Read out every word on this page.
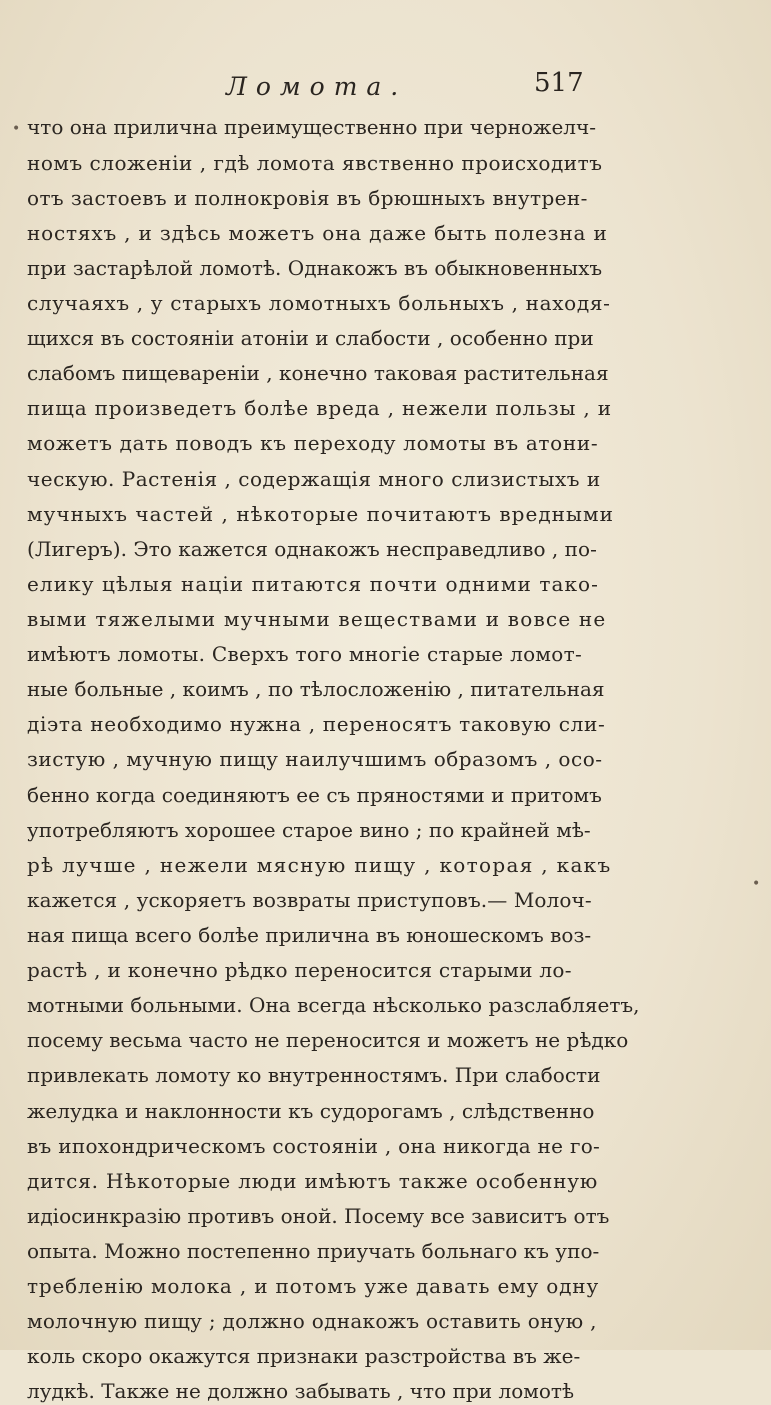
Ломота.	517
что она прилична преимущественно при черножелч-
номъ сложенiи , гдѣ ломота явственно происходитъ
отъ застоевъ и полнокровiя въ брюшныхъ внутрен-
ностяхъ , и здѣсь можетъ она даже быть полезна и
при застарѣлой ломотѣ. Однакожъ въ обыкновенныхъ
случаяхъ , у старыхъ ломотныхъ больныхъ , находя-
щихся въ состоянiи атонiи и слабости , особенно при
слабомъ пищеваренiи , конечно таковая растительная
пища произведетъ болѣе вреда , нежели пользы , и
можетъ дать поводъ къ переходу ломоты въ атони-
ческую. Растенiя , содержащiя много слизистыхъ и
мучныхъ частей , нѣкоторые почитаютъ вредными
(Лигеръ). Это кажется однакожъ несправедливо , по-
елику цѣлыя нацiи питаются почти одними тако-
выми тяжелыми мучными веществами и вовсе не
имѣютъ ломоты. Сверхъ того многiе старые ломот-
ные больные , коимъ , по тѣлосложенiю , питательная
дiэта необходимо нужна , переносятъ таковую сли-
зистую , мучную пищу наилучшимъ образомъ , осо-
бенно когда соединяютъ ее съ пряностями и притомъ
употребляютъ хорошее старое вино ; по крайней мѣ-
рѣ лучше , нежели мясную пищу , которая , какъ
кажется , ускоряетъ возвраты приступовъ.— Молоч-
ная пища всего болѣе прилична въ юношескомъ воз-
растѣ , и конечно рѣдко переносится старыми ло-
мотными больными. Она всегда нѣсколько разслабляетъ,
посему весьма часто не переносится и можетъ не рѣдко
привлекать ломоту ко внутренностямъ. При слабости
желудка и наклонности къ судорогамъ , слѣдственно
въ ипохондрическомъ состоянiи , она никогда не го-
дится. Нѣкоторые люди имѣютъ также особенную
идiосинкразiю противъ оной. Посему все зависитъ отъ
опыта. Можно постепенно приучать больнаго къ упо-
требленiю молока , и потомъ уже давать ему одну
молочную пищу ; должно однакожъ оставить оную ,
коль скоро окажутся признаки разстройства въ же-
лудкѣ. Также не должно забывать , что при ломотѣ
•
•
